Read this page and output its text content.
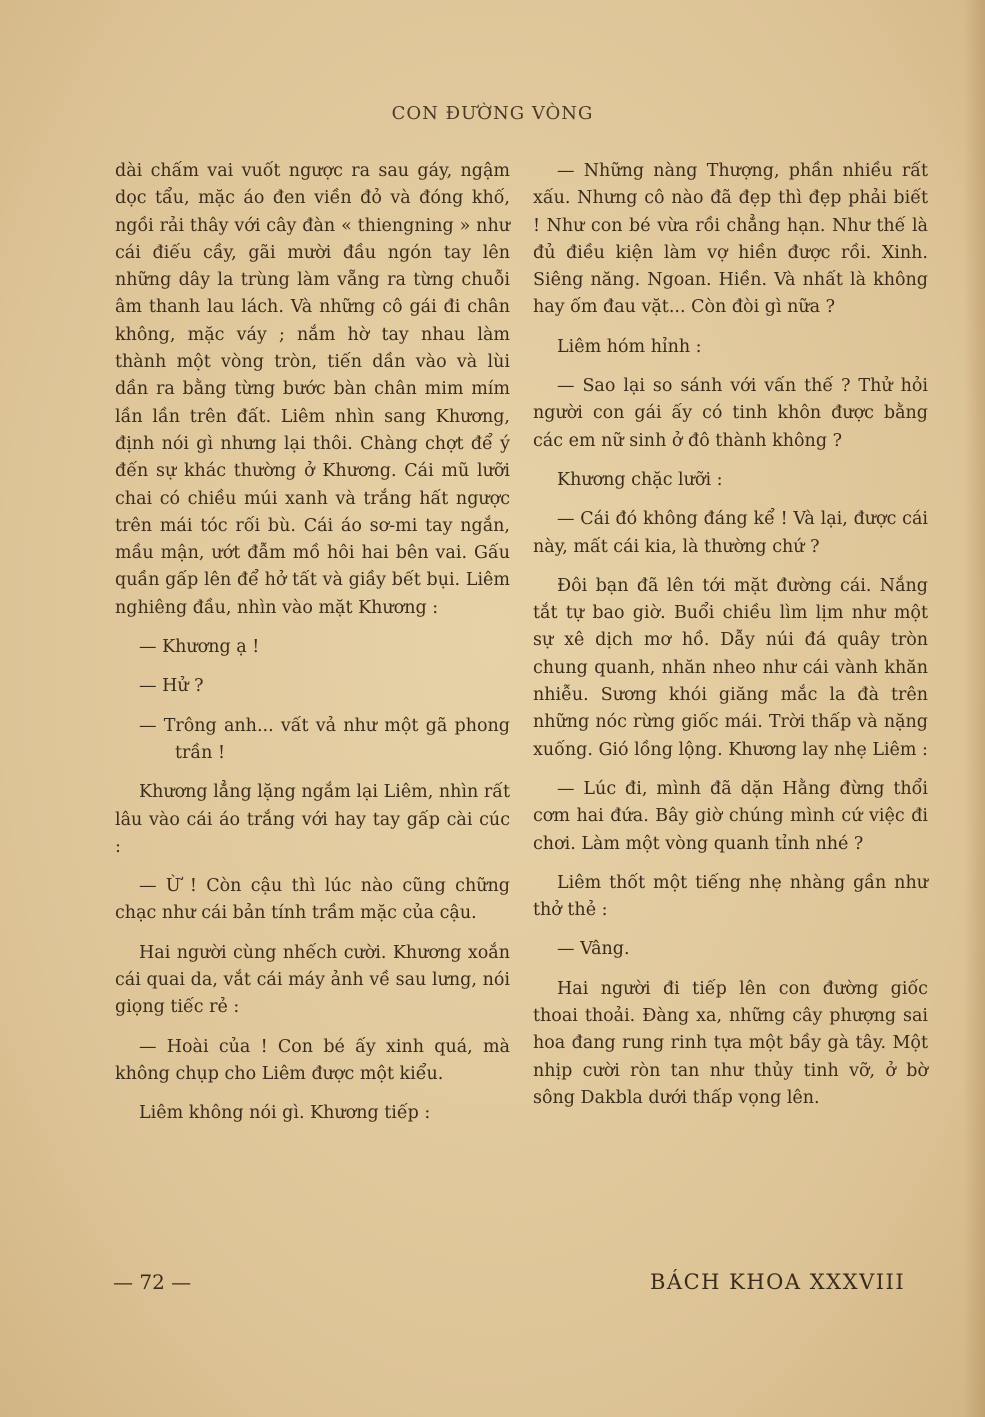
CON ĐƯỜNG VÒNG

dài chấm vai vuốt ngược ra sau gáy, ngậm dọc tẩu, mặc áo đen viền đỏ và đóng khố, ngồi rải thây với cây đàn « thiengning » như cái điếu cầy, gãi mười đầu ngón tay lên những dây la trùng làm vẵng ra từng chuỗi âm thanh lau lách. Và những cô gái đi chân không, mặc váy ; nắm hờ tay nhau làm thành một vòng tròn, tiến dần vào và lùi dần ra bằng từng bước bàn chân mim mím lần lần trên đất. Liêm nhìn sang Khương, định nói gì nhưng lại thôi. Chàng chợt để ý đến sự khác thường ở Khương. Cái mũ lưỡi chai có chiều múi xanh và trắng hất ngược trên mái tóc rối bù. Cái áo sơ-mi tay ngắn, mầu mận, ướt đẫm mồ hôi hai bên vai. Gấu quần gấp lên để hở tất và giầy bết bụi. Liêm nghiêng đầu, nhìn vào mặt Khương :

— Khương ạ !

— Hử ?

— Trông anh... vất vả như một gã phong trần !

Khương lẳng lặng ngắm lại Liêm, nhìn rất lâu vào cái áo trắng với hay tay gấp cài cúc :

— Ừ ! Còn cậu thì lúc nào cũng chững chạc như cái bản tính trầm mặc của cậu.

Hai người cùng nhếch cười. Khương xoắn cái quai da, vắt cái máy ảnh về sau lưng, nói giọng tiếc rẻ :

— Hoài của ! Con bé ấy xinh quá, mà không chụp cho Liêm được một kiểu.

Liêm không nói gì. Khương tiếp :

— Những nàng Thượng, phần nhiều rất xấu. Nhưng cô nào đã đẹp thì đẹp phải biết ! Như con bé vừa rồi chẳng hạn. Như thế là đủ điều kiện làm vợ hiền được rồi. Xinh. Siêng năng. Ngoan. Hiền. Và nhất là không hay ốm đau vặt... Còn đòi gì nữa ?

Liêm hóm hỉnh :

— Sao lại so sánh với vấn thế ? Thử hỏi người con gái ấy có tinh khôn được bằng các em nữ sinh ở đô thành không ?

Khương chặc lưỡi :

— Cái đó không đáng kể ! Và lại, được cái này, mất cái kia, là thường chứ ?

Đôi bạn đã lên tới mặt đường cái. Nắng tắt tự bao giờ. Buổi chiều lìm lịm như một sự xê dịch mơ hồ. Dẫy núi đá quây tròn chung quanh, nhăn nheo như cái vành khăn nhiễu. Sương khói giăng mắc la đà trên những nóc rừng giốc mái. Trời thấp và nặng xuống. Gió lồng lộng. Khương lay nhẹ Liêm :

— Lúc đi, mình đã dặn Hằng đừng thổi cơm hai đứa. Bây giờ chúng mình cứ việc đi chơi. Làm một vòng quanh tỉnh nhé ?

Liêm thốt một tiếng nhẹ nhàng gần như thở thẻ :

— Vâng.

Hai người đi tiếp lên con đường giốc thoai thoải. Đàng xa, những cây phượng sai hoa đang rung rinh tựa một bầy gà tây. Một nhịp cười ròn tan như thủy tinh vỡ, ở bờ sông Dakbla dưới thấp vọng lên.

— 72 —	BÁCH KHOA XXXVIII
